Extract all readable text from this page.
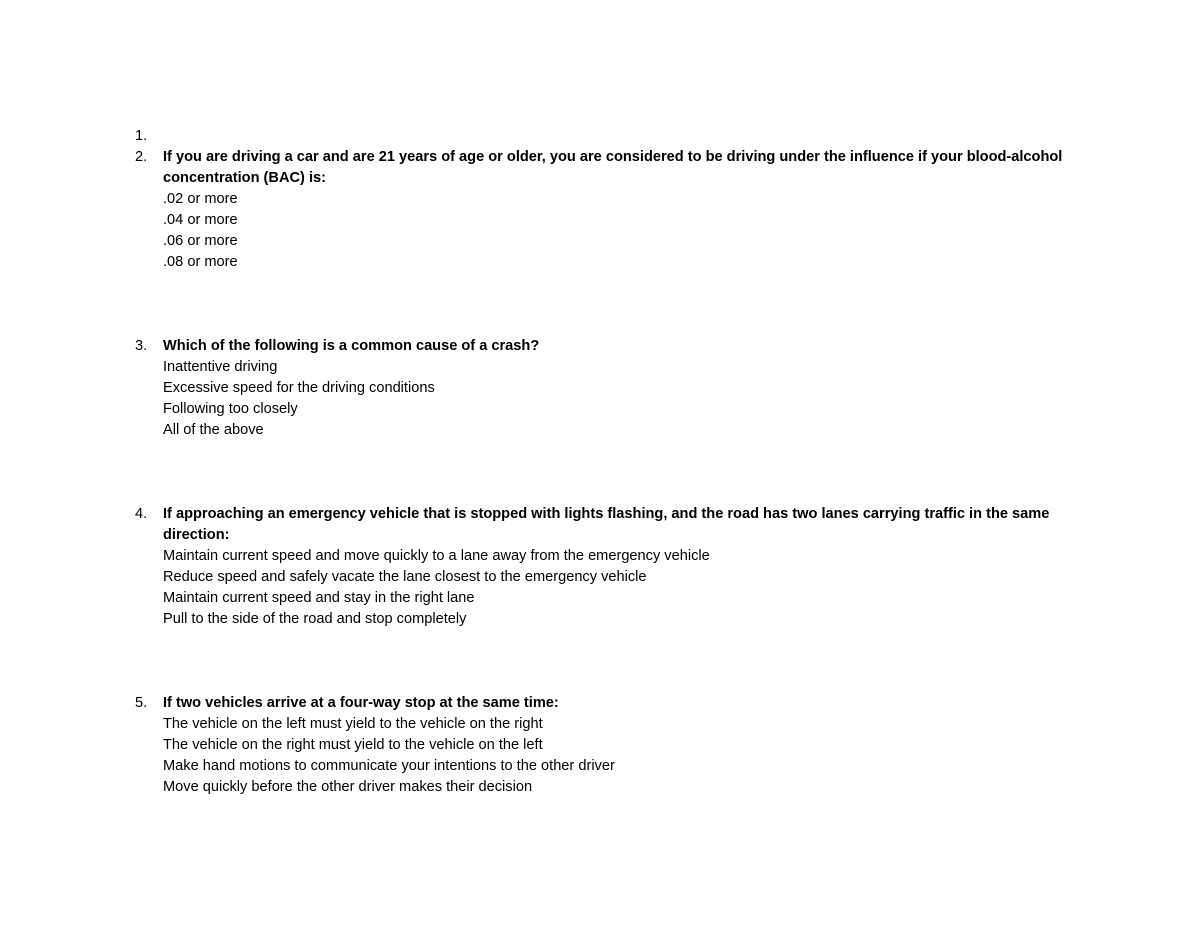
1.

2.	If you are driving a car and are 21 years of age or older, you are considered to be driving under the influence if your blood-alcohol concentration (BAC) is:
.02 or more
.04 or more
.06 or more
.08 or more
3.	Which of the following is a common cause of a crash?
Inattentive driving
Excessive speed for the driving conditions
Following too closely
All of the above
4.	If approaching an emergency vehicle that is stopped with lights flashing, and the road has two lanes carrying traffic in the same direction:
Maintain current speed and move quickly to a lane away from the emergency vehicle
Reduce speed and safely vacate the lane closest to the emergency vehicle
Maintain current speed and stay in the right lane
Pull to the side of the road and stop completely
5.	If two vehicles arrive at a four-way stop at the same time:
The vehicle on the left must yield to the vehicle on the right
The vehicle on the right must yield to the vehicle on the left
Make hand motions to communicate your intentions to the other driver
Move quickly before the other driver makes their decision
